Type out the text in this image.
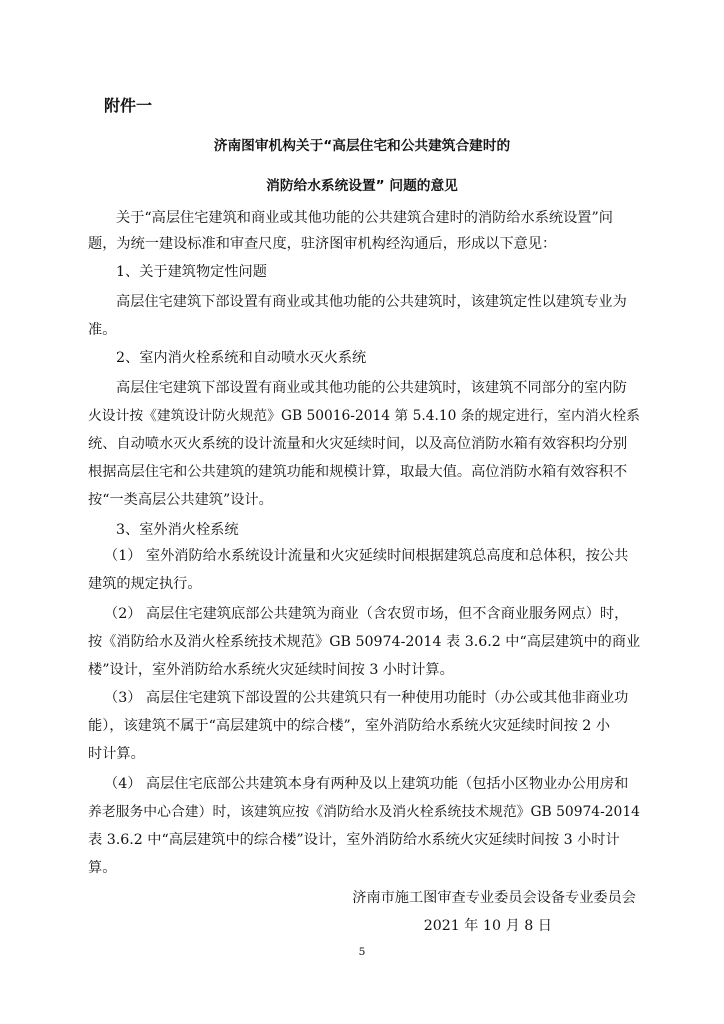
附件一
济南图审机构关于“高层住宅和公共建筑合建时的
消防给水系统设置” 问题的意见
关于“高层住宅建筑和商业或其他功能的公共建筑合建时的消防给水系统设置”问
题，为统一建设标准和审查尺度，驻济图审机构经沟通后，形成以下意见：
1、关于建筑物定性问题
高层住宅建筑下部设置有商业或其他功能的公共建筑时，该建筑定性以建筑专业为
准。
2、室内消火栓系统和自动喷水灭火系统
高层住宅建筑下部设置有商业或其他功能的公共建筑时，该建筑不同部分的室内防
火设计按《建筑设计防火规范》GB 50016-2014 第 5.4.10 条的规定进行，室内消火栓系
统、自动喷水灭火系统的设计流量和火灾延续时间，以及高位消防水箱有效容积均分别
根据高层住宅和公共建筑的建筑功能和规模计算，取最大值。高位消防水箱有效容积不
按“一类高层公共建筑”设计。
3、室外消火栓系统
（1） 室外消防给水系统设计流量和火灾延续时间根据建筑总高度和总体积，按公共
建筑的规定执行。
（2） 高层住宅建筑底部公共建筑为商业（含农贸市场，但不含商业服务网点）时，
按《消防给水及消火栓系统技术规范》GB 50974-2014 表 3.6.2 中“高层建筑中的商业
楼”设计，室外消防给水系统火灾延续时间按 3 小时计算。
（3） 高层住宅建筑下部设置的公共建筑只有一种使用功能时（办公或其他非商业功
能），该建筑不属于“高层建筑中的综合楼”，室外消防给水系统火灾延续时间按 2 小
时计算。
（4） 高层住宅底部公共建筑本身有两种及以上建筑功能（包括小区物业办公用房和
养老服务中心合建）时，该建筑应按《消防给水及消火栓系统技术规范》GB 50974-2014
表 3.6.2 中“高层建筑中的综合楼”设计，室外消防给水系统火灾延续时间按 3 小时计
算。
济南市施工图审查专业委员会设备专业委员会
2021 年 10 月 8 日
5
